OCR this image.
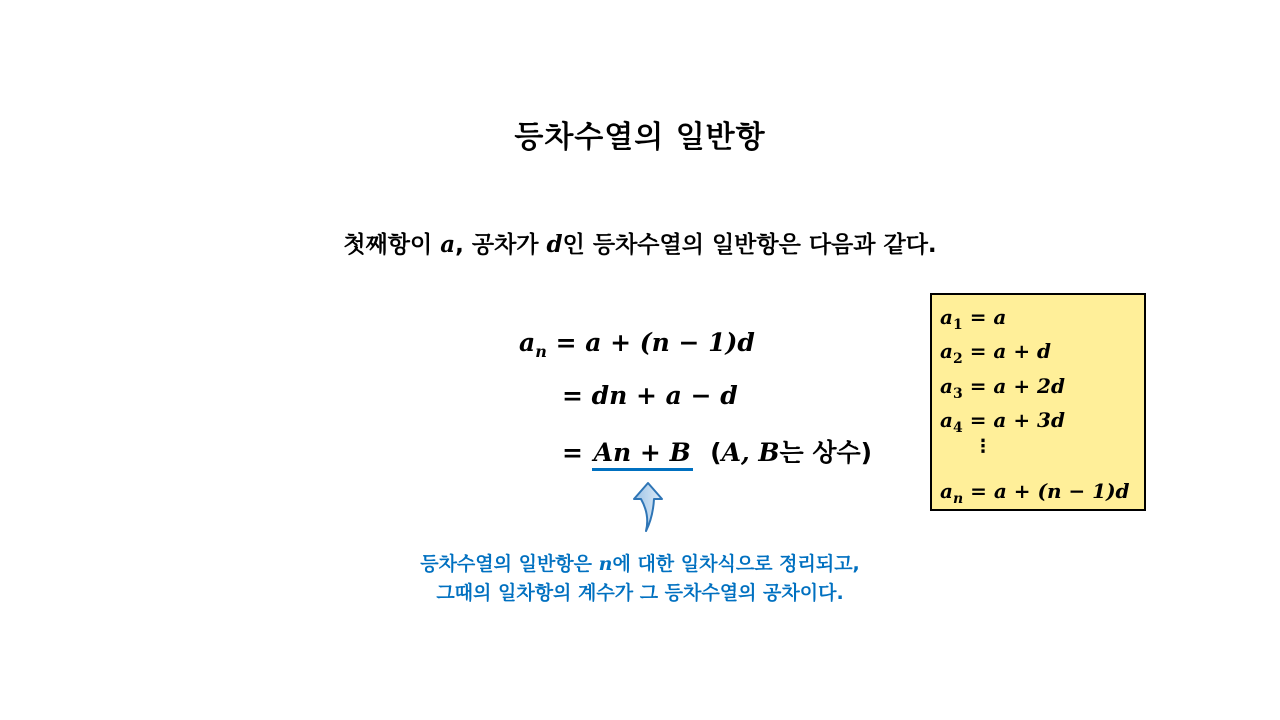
등차수열의 일반항
첫째항이 a, 공차가 d인 등차수열의 일반항은 다음과 같다.
$a_n = a + (n - 1)d$
= dn + a − d
= An + B (A, B는 상수)
$a_1 = a$
$a_2 = a + d$
$a_3 = a + 2d$
$a_4 = a + 3d$
⋮
$a_n = a + (n - 1)d$
등차수열의 일반항은 n에 대한 일차식으로 정리되고,
그때의 일차항의 계수가 그 등차수열의 공차이다.
